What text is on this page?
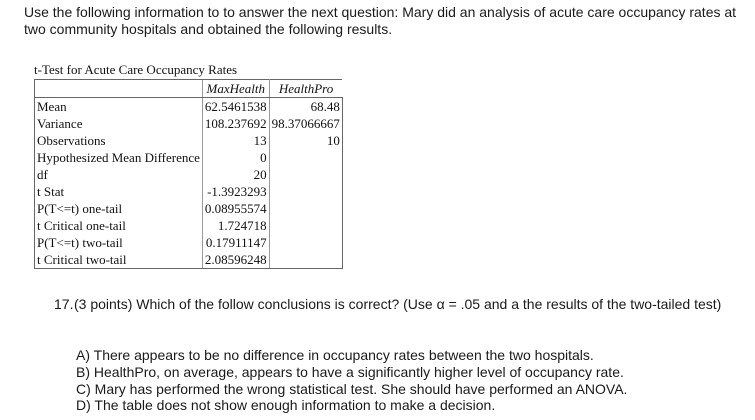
Use the following information to to answer the next question: Mary did an analysis of acute care occupancy rates at two community hospitals and obtained the following results.
t-Test for Acute Care Occupancy Rates
	MaxHealth	HealthPro
Mean	62.5461538	68.48
Variance	108.237692	98.37066667
Observations	13	10
Hypothesized Mean Difference	0	
df	20	
t Stat	-1.3923293	
P(T<=t) one-tail	0.08955574	
t Critical one-tail	1.724718	
P(T<=t) two-tail	0.17911147	
t Critical two-tail	2.08596248	
17. (3 points) Which of the follow conclusions is correct? (Use α = .05 and a the results of the two-tailed test)
A) There appears to be no difference in occupancy rates between the two hospitals.
B) HealthPro, on average, appears to have a significantly higher level of occupancy rate.
C) Mary has performed the wrong statistical test. She should have performed an ANOVA.
D) The table does not show enough information to make a decision.
